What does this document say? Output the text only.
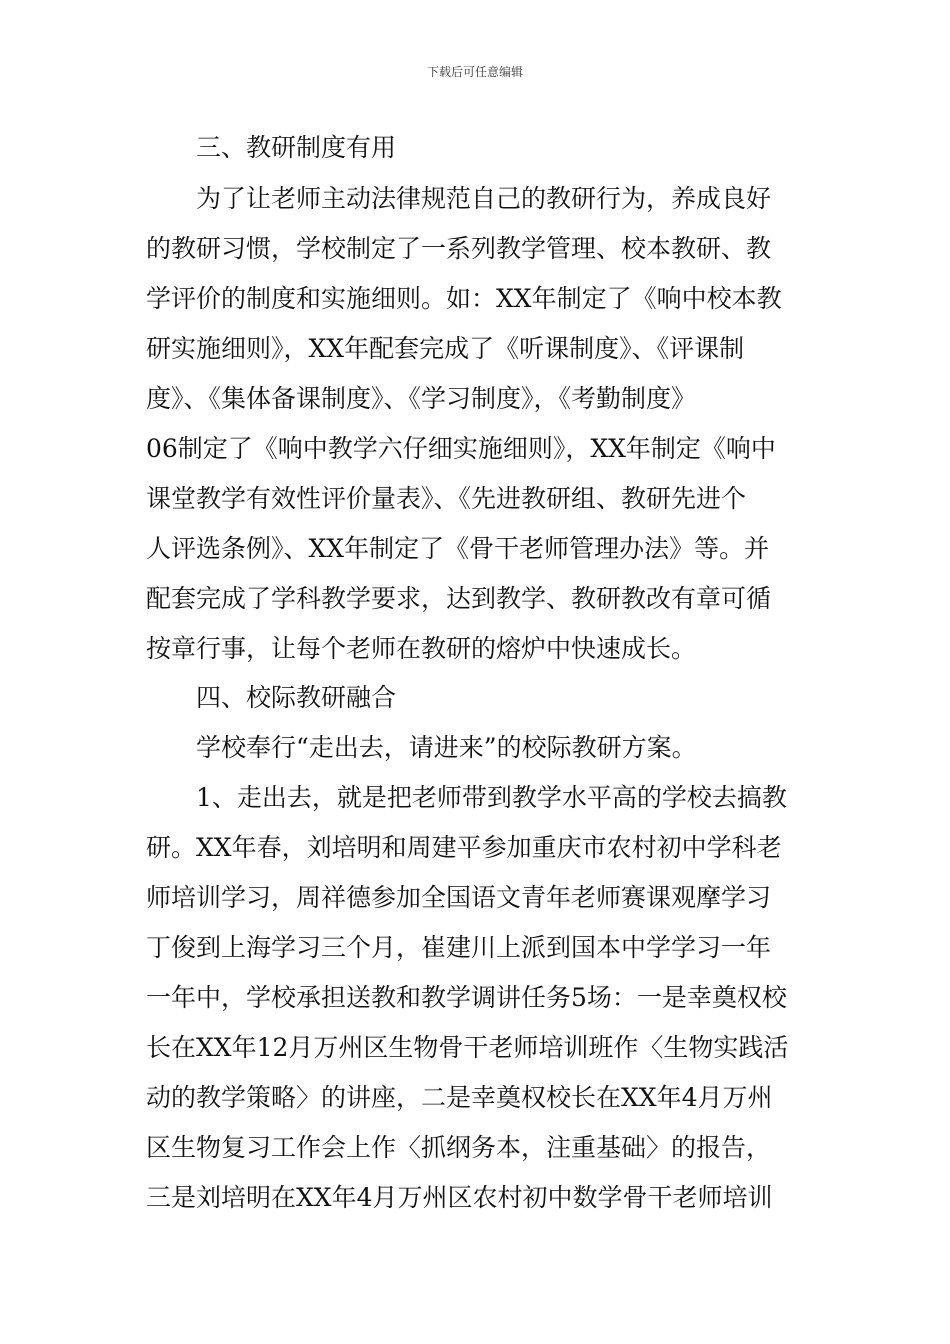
下载后可任意编辑
　　三、教研制度有用
　　为了让老师主动法律规范自己的教研行为，养成良好
的教研习惯，学校制定了一系列教学管理、校本教研、教
学评价的制度和实施细则。如：XX年制定了《响中校本教
研实施细则》，XX年配套完成了《听课制度》、《评课制
度》、《集体备课制度》、《学习制度》，《考勤制度》
06制定了《响中教学六仔细实施细则》，XX年制定《响中
课堂教学有效性评价量表》、《先进教研组、教研先进个
人评选条例》、XX年制定了《骨干老师管理办法》等。并
配套完成了学科教学要求，达到教学、教研教改有章可循
按章行事，让每个老师在教研的熔炉中快速成长。
　　四、校际教研融合
　　学校奉行“走出去，请进来”的校际教研方案。
　　1、走出去，就是把老师带到教学水平高的学校去搞教
研。XX年春，刘培明和周建平参加重庆市农村初中学科老
师培训学习，周祥德参加全国语文青年老师赛课观摩学习
丁俊到上海学习三个月，崔建川上派到国本中学学习一年
一年中，学校承担送教和教学调讲任务5场：一是幸奠权校
长在XX年12月万州区生物骨干老师培训班作〈生物实践活
动的教学策略〉的讲座，二是幸奠权校长在XX年4月万州
区生物复习工作会上作〈抓纲务本，注重基础〉的报告，
三是刘培明在XX年4月万州区农村初中数学骨干老师培训
